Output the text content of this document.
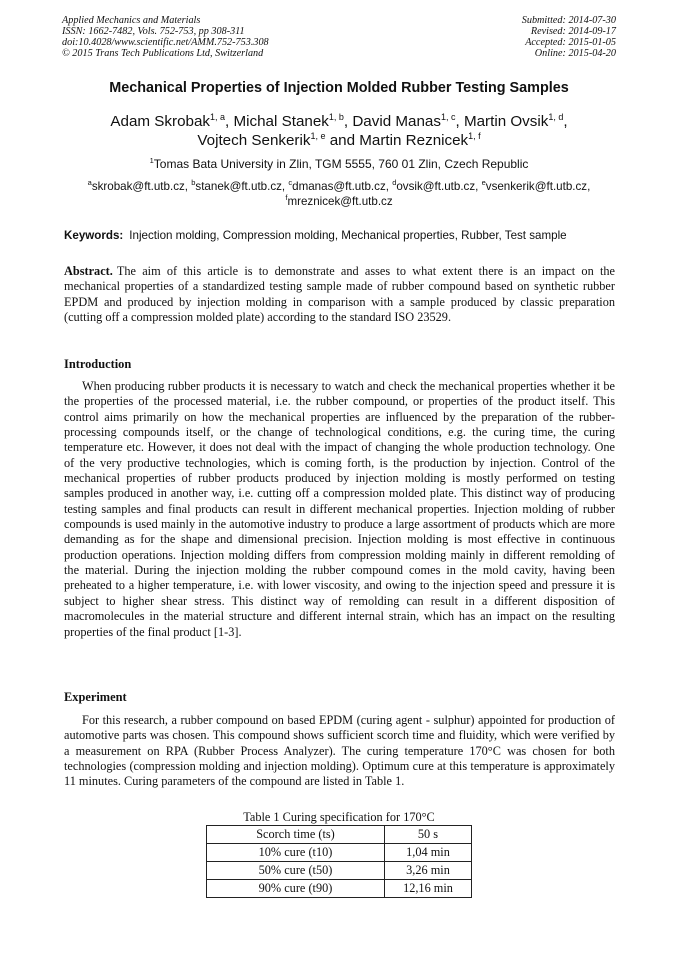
Applied Mechanics and Materials
ISSN: 1662-7482, Vols. 752-753, pp 308-311
doi:10.4028/www.scientific.net/AMM.752-753.308
© 2015 Trans Tech Publications Ltd, Switzerland
Submitted: 2014-07-30
Revised: 2014-09-17
Accepted: 2015-01-05
Online: 2015-04-20
Mechanical Properties of Injection Molded Rubber Testing Samples
Adam Skrobak$^{1, a}$, Michal Stanek$^{1, b}$, David Manas$^{1, c}$, Martin Ovsik$^{1, d}$,
Vojtech Senkerik$^{1, e}$ and Martin Reznicek$^{1, f}$
$^1$Tomas Bata University in Zlin, TGM 5555, 760 01 Zlin, Czech Republic
$^a$skrobak@ft.utb.cz, $^b$stanek@ft.utb.cz, $^c$dmanas@ft.utb.cz, $^d$ovsik@ft.utb.cz, $^e$vsenkerik@ft.utb.cz,
$^f$mreznicek@ft.utb.cz
Keywords: Injection molding, Compression molding, Mechanical properties, Rubber, Test sample
Abstract. The aim of this article is to demonstrate and asses to what extent there is an impact on the mechanical properties of a standardized testing sample made of rubber compound based on synthetic rubber EPDM and produced by injection molding in comparison with a sample produced by classic preparation (cutting off a compression molded plate) according to the standard ISO 23529.
Introduction
When producing rubber products it is necessary to watch and check the mechanical properties whether it be the properties of the processed material, i.e. the rubber compound, or properties of the product itself. This control aims primarily on how the mechanical properties are influenced by the preparation of the rubber-processing compounds itself, or the change of technological conditions, e.g. the curing time, the curing temperature etc. However, it does not deal with the impact of changing the whole production technology. One of the very productive technologies, which is coming forth, is the production by injection. Control of the mechanical properties of rubber products produced by injection molding is mostly performed on testing samples produced in another way, i.e. cutting off a compression molded plate. This distinct way of producing testing samples and final products can result in different mechanical properties. Injection molding of rubber compounds is used mainly in the automotive industry to produce a large assortment of products which are more demanding as for the shape and dimensional precision. Injection molding is most effective in continuous production operations. Injection molding differs from compression molding mainly in different remolding of the material. During the injection molding the rubber compound comes in the mold cavity, having been preheated to a higher temperature, i.e. with lower viscosity, and owing to the injection speed and pressure it is subject to higher shear stress. This distinct way of remolding can result in a different disposition of macromolecules in the material structure and different internal strain, which has an impact on the resulting properties of the final product [1-3].
Experiment
For this research, a rubber compound on based EPDM (curing agent - sulphur) appointed for production of automotive parts was chosen. This compound shows sufficient scorch time and fluidity, which were verified by a measurement on RPA (Rubber Process Analyzer). The curing temperature 170°C was chosen for both technologies (compression molding and injection molding). Optimum cure at this temperature is approximately 11 minutes. Curing parameters of the compound are listed in Table 1.
Table 1 Curing specification for 170°C
Scorch time (ts)	50 s
10% cure (t10)	1,04 min
50% cure (t50)	3,26 min
90% cure (t90)	12,16 min
